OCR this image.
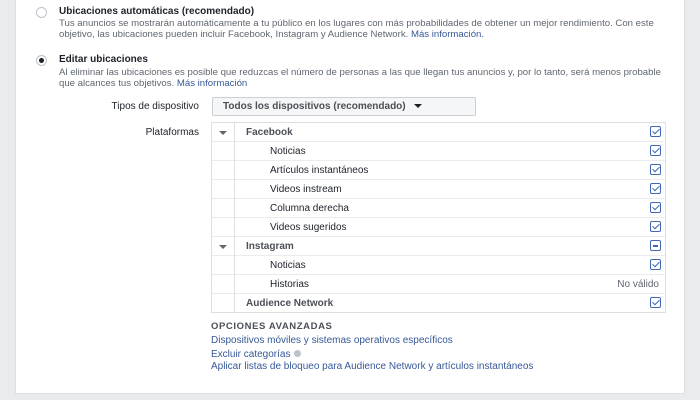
Ubicaciones automáticas (recomendado)
Tus anuncios se mostrarán automáticamente a tu público en los lugares con más probabilidades de obtener un mejor rendimiento. Con este objetivo, las ubicaciones pueden incluir Facebook, Instagram y Audience Network. Más información.
Editar ubicaciones
Al eliminar las ubicaciones es posible que reduzcas el número de personas a las que llegan tus anuncios y, por lo tanto, será menos probable que alcances tus objetivos. Más información
Tipos de dispositivo	Todos los dispositivos (recomendado)
Plataformas	Facebook
Noticias
Artículos instantáneos
Videos instream
Columna derecha
Videos sugeridos
Instagram
Noticias
Historias	No válido
Audience Network
OPCIONES AVANZADAS
Dispositivos móviles y sistemas operativos específicos
Excluir categorías
Aplicar listas de bloqueo para Audience Network y artículos instantáneos
